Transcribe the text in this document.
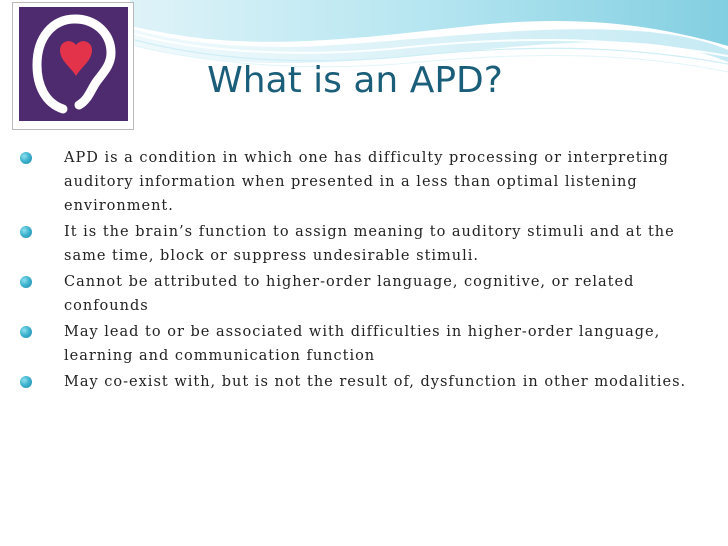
What is an APD?
APD is a condition in which one has difficulty processing or interpreting auditory information when presented in a less than optimal listening environment.
It is the brain’s function to assign meaning to auditory stimuli and at the same time, block or suppress undesirable stimuli.
Cannot be attributed to higher-order language, cognitive, or related confounds
May lead to or be associated with difficulties in higher-order language, learning and communication function
May co-exist with, but is not the result of, dysfunction in other modalities.
